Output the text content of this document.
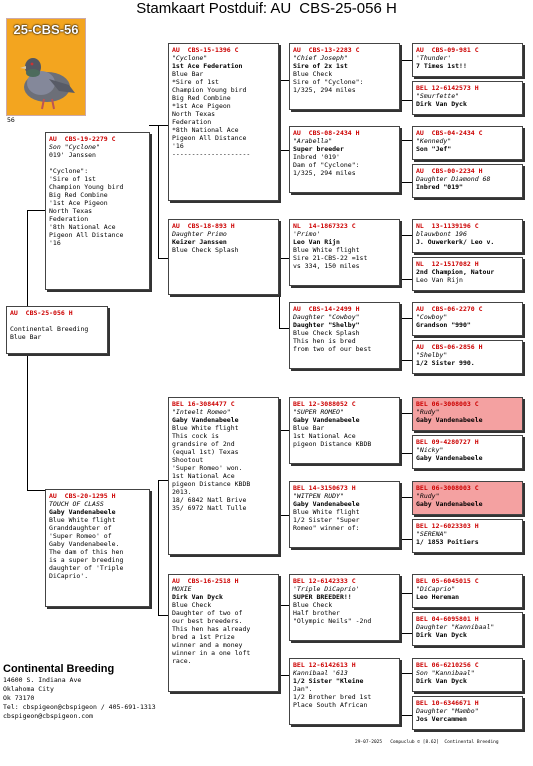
Stamkaart Postduif: AU CBS-25-056 H
25-CBS-56
56
AU  CBS-25-056 H

Continental Breeding
Blue Bar
AU  CBS-19-2279 C
Son "Cyclone"
019' Janssen

"Cyclone":
'Sire of 1st
Champion Young bird
Big Red Combine
'1st Ace Pigeon
North Texas
Federation
'8th National Ace
Pigeon All Distance
'16
AU  CBS-20-1295 H
TOUCH OF CLASS
Gaby Vandenabeele
Blue White flight
Granddaughter of
'Super Romeo' of
Gaby Vandenabeele.
The dam of this hen
is a super breeding
daughter of 'Triple
DiCaprio'.
AU  CBS-15-1396 C
"Cyclone"
1st Ace Federation
Blue Bar
*Sire of 1st
Champion Young bird
Big Red Combine
*1st Ace Pigeon
North Texas
Federation
*8th National Ace
Pigeon All Distance
'16
--------------------
AU  CBS-18-893 H
Daughter Primo
Keizer Janssen
Blue Check Splash
BEL 16-3084477 C
"Inteelt Romeo"
Gaby Vandenabeele
Blue White flight
This cock is
grandsire of 2nd
(equal 1st) Texas
Shootout
'Super Romeo' won.
1st National Ace
pigeon Distance KBDB
2013.
18/ 6842 Natl Brive
35/ 6972 Natl Tulle
AU  CBS-16-2518 H
MOXIE
Dirk Van Dyck
Blue Check
Daughter of two of
our best breeders.
This hen has already
bred a 1st Prize
winner and a money
winner in a one loft
race.
AU  CBS-13-2283 C
"Chief Joseph"
Sire of 2x 1st
Blue Check
Sire of "Cyclone":
1/325, 294 miles
AU  CBS-08-2434 H
"Arabella"
Super breeder
Inbred '019'
Dam of "Cyclone":
1/325, 294 miles
NL  14-1867323 C
'Primo'
Leo Van Rijn
Blue White flight
Sire 21-CBS-22 =1st
vs 334, 150 miles
AU  CBS-14-2499 H
Daughter "Cowboy"
Daughter "Shelby"
Blue Check Splash
This hen is bred
from two of our best
BEL 12-3088052 C
"SUPER ROMEO"
Gaby Vandenabeele
Blue Bar
1st National Ace
pigeon Distance KBDB
BEL 14-3150673 H
"WITPEN RUDY"
Gaby Vandenabeele
Blue White flight
1/2 Sister "Super
Romeo" winner of:
BEL 12-6142333 C
'Triple DiCaprio'
SUPER BREEDER!!
Blue Check
Half brother
"Olympic Neils" -2nd
BEL 12-6142613 H
Kannibaal '613
1/2 Sister "Kleine
Jan".
1/2 Brother bred 1st
Place South African
AU  CBS-09-981 C
'Thunder'
7 Times 1st!!
BEL 12-6142573 H
"Smurfette"
Dirk Van Dyck
AU  CBS-04-2434 C
"Kennedy"
Son "Jef"
AU  CBS-00-2234 H
Daughter Diamond 68
Inbred "019"
NL  13-1139196 C
blauwbont 196
J. Ouwerkerk/ Leo v.
NL  12-1517082 H
2nd Champion, Natour
Leo Van Rijn
AU  CBS-06-2270 C
"Cowboy"
Grandson "990"
AU  CBS-06-2856 H
"Shelby"
1/2 Sister 990.
BEL 06-3008003 C
"Rudy"
Gaby Vandenabeele
BEL 09-4280727 H
"Nicky"
Gaby Vandenabeele
BEL 06-3008003 C
"Rudy"
Gaby Vandenabeele
BEL 12-6023303 H
"SERENA"
1/ 1853 Poitiers
BEL 05-6045015 C
"DiCaprio"
Leo Hereman
BEL 04-6095801 H
Daughter "Kannibaal"
Dirk Van Dyck
BEL 06-6210256 C
Son "Kannibaal"
Dirk Van Dyck
BEL 10-6346671 H
Daughter "Mambo"
Jos Vercammen
Continental Breeding
14600 S. Indiana Ave
Oklahoma City
Ok 73170
Tel: cbspigeon@cbspigeon / 405-691-1313
cbspigeon@cbspigeon.com
29-07-2025   Compuclub © [8.62]  Continental Breeding
